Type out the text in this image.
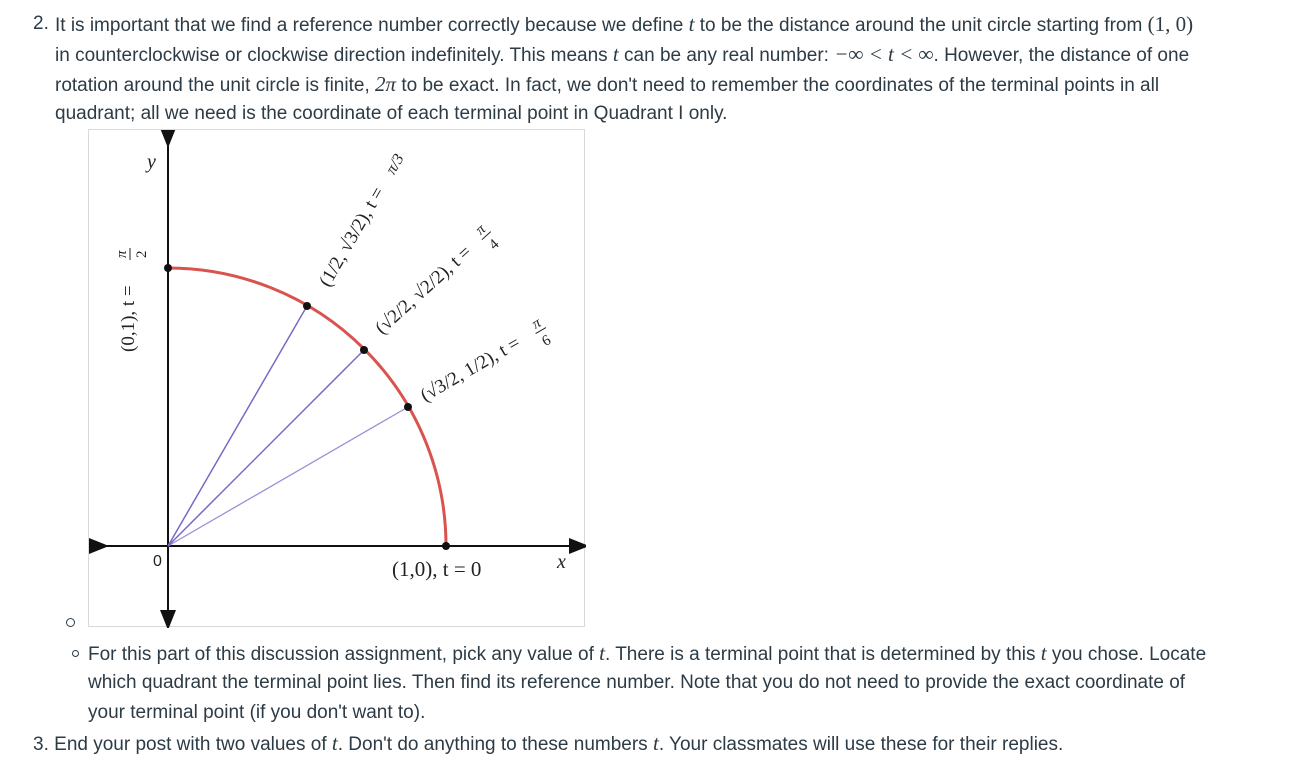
2. It is important that we find a reference number correctly because we define t to be the distance around the unit circle starting from (1, 0)
in counterclockwise or clockwise direction indefinitely. This means t can be any real number: −∞ < t < ∞. However, the distance of one
rotation around the unit circle is finite, 2π to be exact. In fact, we don't need to remember the coordinates of the terminal points in all
quadrant; all we need is the coordinate of each terminal point in Quadrant I only.
x
y
0	(1,0), t = 0
(√3/2, 1/2), t =
π
6
(√2/2, √2/2), t =
π
4
(1/2, √3/2), t =
π/3
(0,1), t =
π 2
For this part of this discussion assignment, pick any value of t. There is a terminal point that is determined by this t you chose. Locate
which quadrant the terminal point lies. Then find its reference number. Note that you do not need to provide the exact coordinate of
your terminal point (if you don't want to).
3. End your post with two values of t. Don't do anything to these numbers t. Your classmates will use these for their replies.
